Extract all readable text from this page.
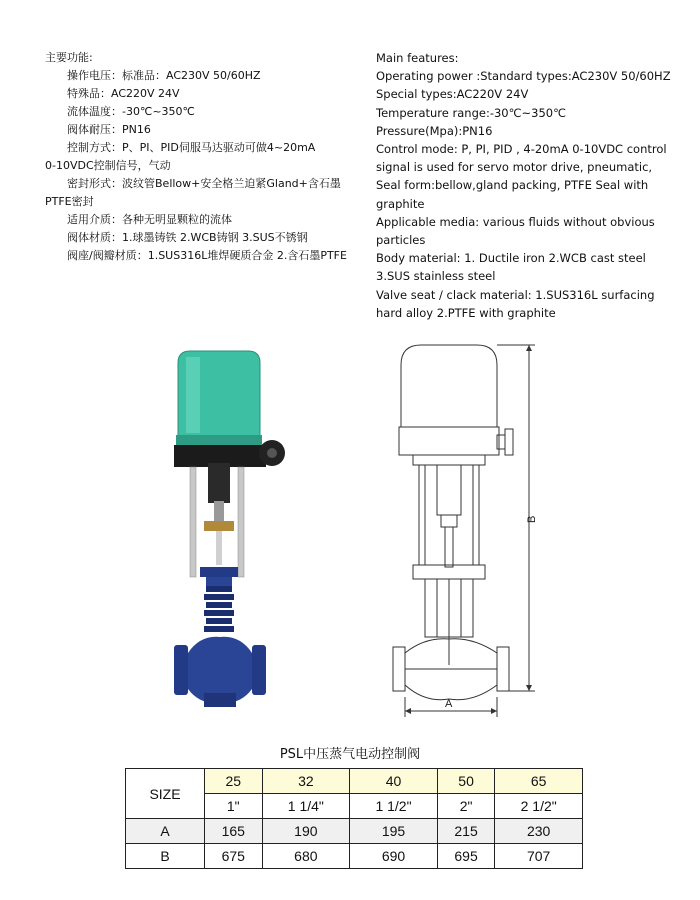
主要功能:
操作电压：标准品：AC230V 50/60HZ
特殊品：AC220V 24V
流体温度：-30℃~350℃
阀体耐压：PN16
控制方式：P、PI、PID伺服马达驱动可做4~20mA
0-10VDC控制信号，气动
密封形式：波纹管Bellow+安全格兰迫紧Gland+含石墨
PTFE密封
适用介质：各种无明显颗粒的流体
阀体材质：1.球墨铸铁 2.WCB铸钢 3.SUS不锈钢
阀座/阀瓣材质：1.SUS316L堆焊硬质合金 2.含石墨PTFE
Main features:
Operating power :Standard types:AC230V 50/60HZ
Special types:AC220V 24V
Temperature range:-30℃~350℃
Pressure(Mpa):PN16
Control mode: P, PI, PID , 4-20mA 0-10VDC control
signal is used for servo motor drive, pneumatic,
Seal form:bellow,gland packing, PTFE Seal with
graphite
Applicable media: various fluids without obvious
particles
Body material: 1. Ductile iron 2.WCB cast steel
3.SUS stainless steel
Valve seat / clack material: 1.SUS316L surfacing
hard alloy 2.PTFE with graphite
A
B
PSL中压蒸气电动控制阀
SIZE	25	32	40	50	65
	1"	1 1/4"	1 1/2"	2"	2 1/2"
A	165	190	195	215	230
B	675	680	690	695	707
